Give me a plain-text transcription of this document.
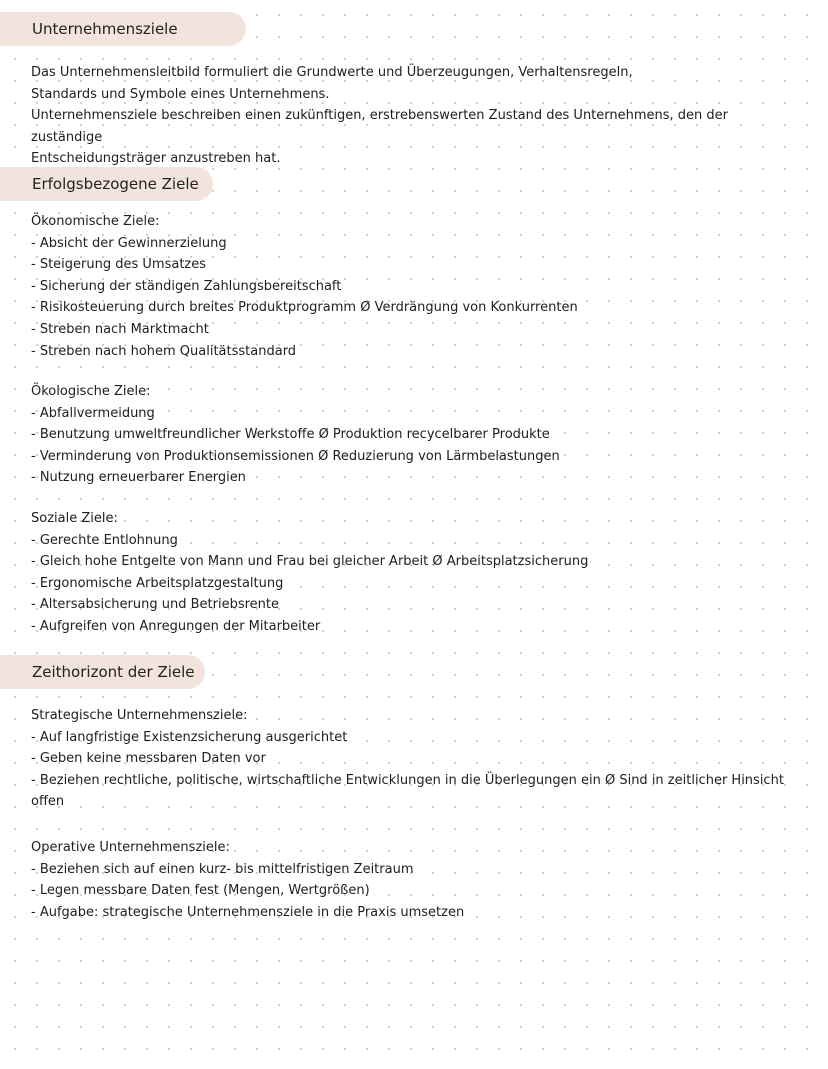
Unternehmensziele
Das Unternehmensleitbild formuliert die Grundwerte und Überzeugungen, Verhaltensregeln,
Standards und Symbole eines Unternehmens.
Unternehmensziele beschreiben einen zukünftigen, erstrebenswerten Zustand des Unternehmens, den der zuständige
Entscheidungsträger anzustreben hat.
Erfolgsbezogene Ziele
Ökonomische Ziele:
- Absicht der Gewinnerzielung
- Steigerung des Umsatzes
- Sicherung der ständigen Zahlungsbereitschaft
- Risikosteuerung durch breites Produktprogramm Ø Verdrängung von Konkurrenten
- Streben nach Marktmacht
- Streben nach hohem Qualitätsstandard
Ökologische Ziele:
- Abfallvermeidung
- Benutzung umweltfreundlicher Werkstoffe Ø Produktion recycelbarer Produkte
- Verminderung von Produktionsemissionen Ø Reduzierung von Lärmbelastungen
- Nutzung erneuerbarer Energien
Soziale Ziele:
- Gerechte Entlohnung
- Gleich hohe Entgelte von Mann und Frau bei gleicher Arbeit Ø Arbeitsplatzsicherung
- Ergonomische Arbeitsplatzgestaltung
- Altersabsicherung und Betriebsrente
- Aufgreifen von Anregungen der Mitarbeiter
Zeithorizont der Ziele
Strategische Unternehmensziele:
- Auf langfristige Existenzsicherung ausgerichtet
- Geben keine messbaren Daten vor
- Beziehen rechtliche, politische, wirtschaftliche Entwicklungen in die Überlegungen ein Ø Sind in zeitlicher Hinsicht
offen
Operative Unternehmensziele:
- Beziehen sich auf einen kurz- bis mittelfristigen Zeitraum
- Legen messbare Daten fest (Mengen, Wertgrößen)
- Aufgabe: strategische Unternehmensziele in die Praxis umsetzen
